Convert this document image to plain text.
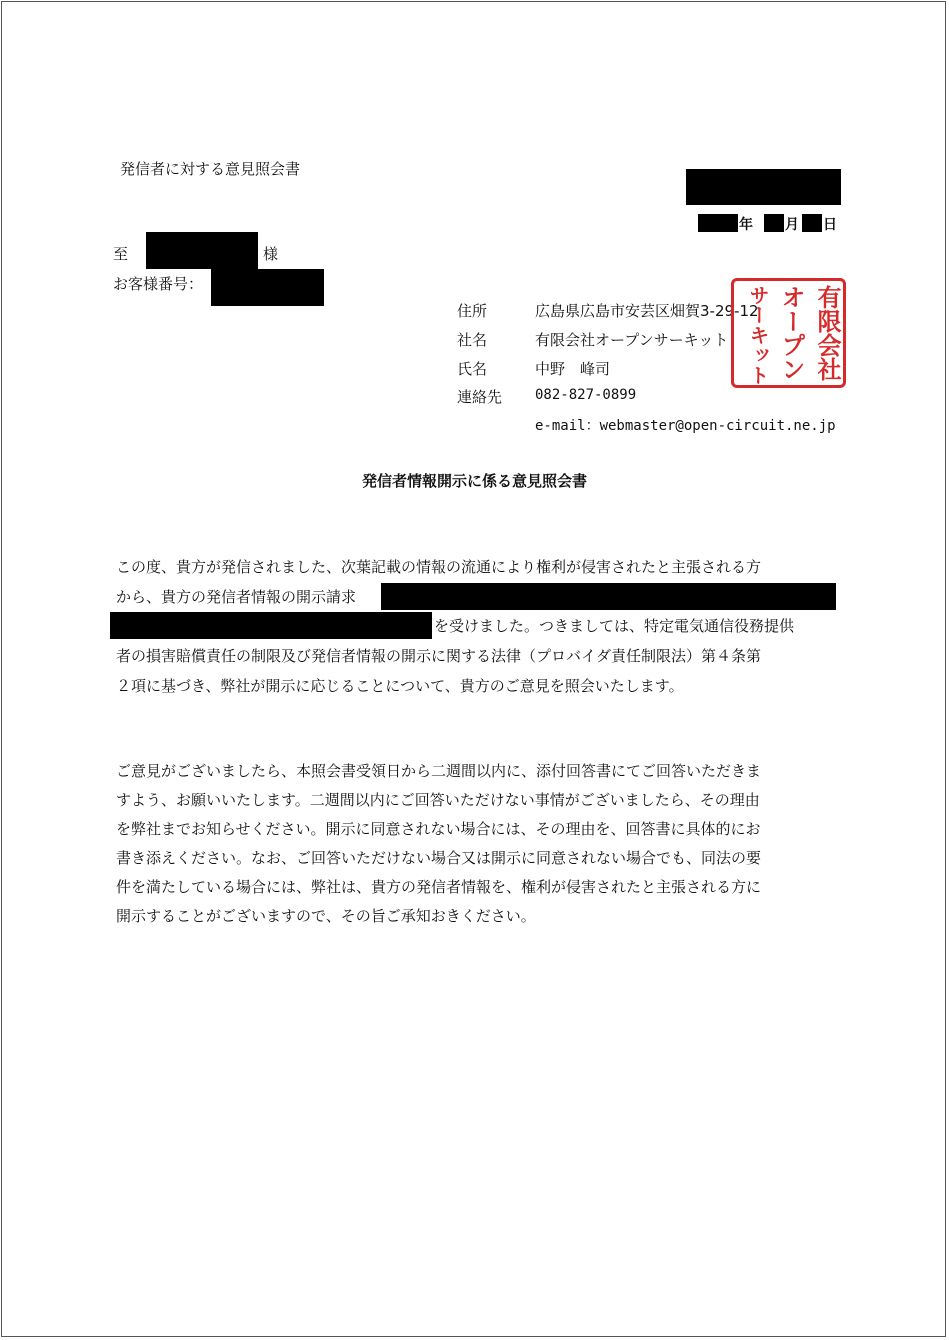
発信者に対する意見照会書
年 月 日
至	様
お客様番号：
住所	広島県広島市安芸区畑賀3-29-12
社名	有限会社オープンサーキット
氏名	中野　峰司
連絡先 082-827-0899
e-mail：webmaster@open-circuit.ne.jp
有限会社
オープン
サーキット
発信者情報開示に係る意見照会書
この度、貴方が発信されました、次葉記載の情報の流通により権利が侵害されたと主張される方
から、貴方の発信者情報の開示請求
を受けました。つきましては、特定電気通信役務提供
者の損害賠償責任の制限及び発信者情報の開示に関する法律（プロバイダ責任制限法）第４条第
２項に基づき、弊社が開示に応じることについて、貴方のご意見を照会いたします。
ご意見がございましたら、本照会書受領日から二週間以内に、添付回答書にてご回答いただきま
すよう、お願いいたします。二週間以内にご回答いただけない事情がございましたら、その理由
を弊社までお知らせください。開示に同意されない場合には、その理由を、回答書に具体的にお
書き添えください。なお、ご回答いただけない場合又は開示に同意されない場合でも、同法の要
件を満たしている場合には、弊社は、貴方の発信者情報を、権利が侵害されたと主張される方に
開示することがございますので、その旨ご承知おきください。
